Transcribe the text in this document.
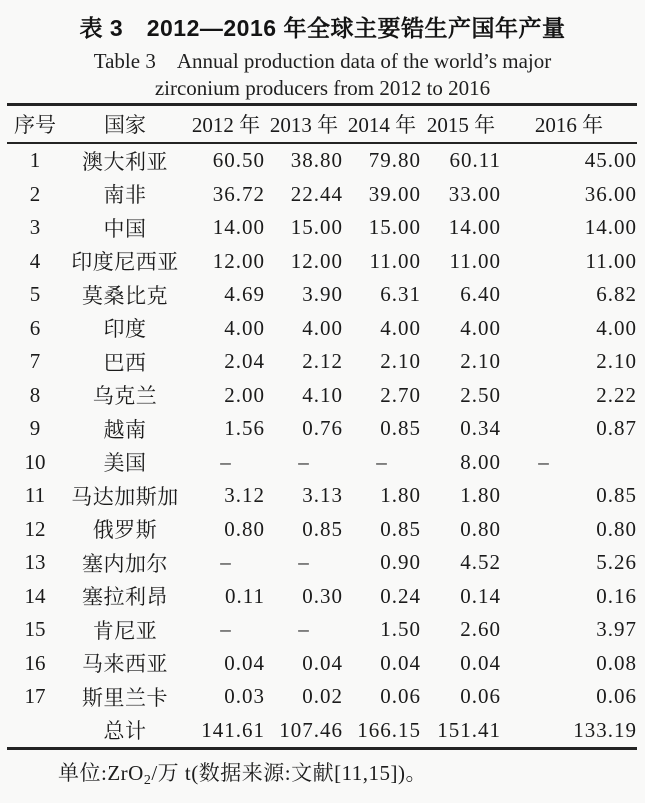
表 3　2012—2016 年全球主要锆生产国年产量
Table 3　Annual production data of the world’s major
zirconium producers from 2012 to 2016
序号	国家	2012 年	2013 年	2014 年	2015 年	2016 年
1	澳大利亚	60.50	38.80	79.80	60.11	45.00
2	南非	36.72	22.44	39.00	33.00	36.00
3	中国	14.00	15.00	15.00	14.00	14.00
4	印度尼西亚	12.00	12.00	11.00	11.00	11.00
5	莫桑比克	4.69	3.90	6.31	6.40	6.82
6	印度	4.00	4.00	4.00	4.00	4.00
7	巴西	2.04	2.12	2.10	2.10	2.10
8	乌克兰	2.00	4.10	2.70	2.50	2.22
9	越南	1.56	0.76	0.85	0.34	0.87
10	美国	–	–	–	8.00	–
11	马达加斯加	3.12	3.13	1.80	1.80	0.85
12	俄罗斯	0.80	0.85	0.85	0.80	0.80
13	塞内加尔	–	–	0.90	4.52	5.26
14	塞拉利昂	0.11	0.30	0.24	0.14	0.16
15	肯尼亚	–	–	1.50	2.60	3.97
16	马来西亚	0.04	0.04	0.04	0.04	0.08
17	斯里兰卡	0.03	0.02	0.06	0.06	0.06
	总计	141.61	107.46	166.15	151.41	133.19
单位:ZrO$_2$/万 t(数据来源:文献[11,15])。
